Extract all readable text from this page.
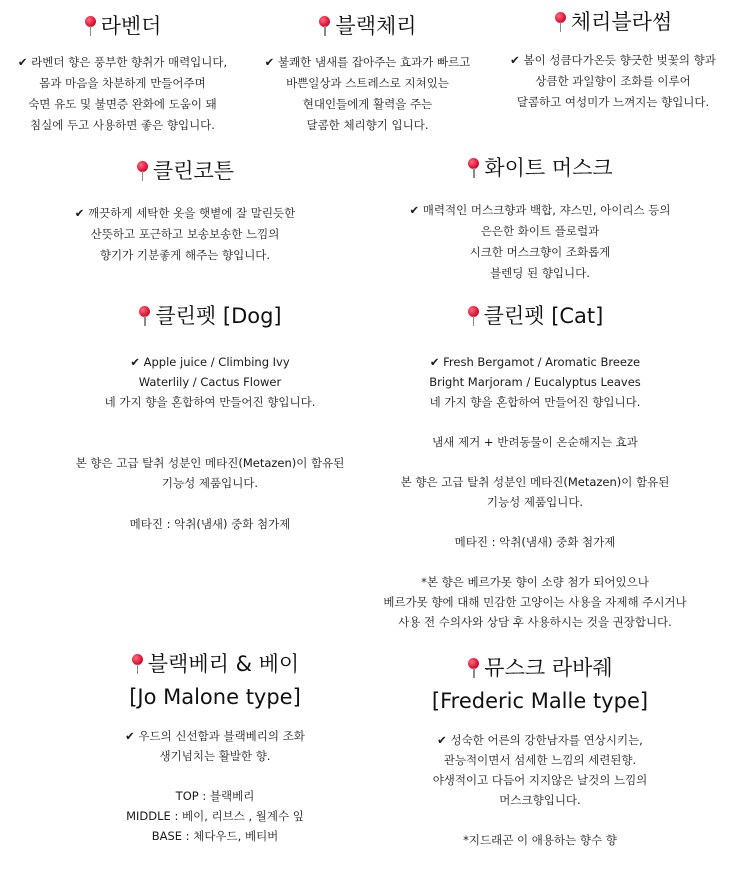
라벤더
✔ 라벤더 향은 풍부한 향취가 매력입니다,
몸과 마음을 차분하게 만들어주며
숙면 유도 및 불면증 완화에 도움이 돼
침실에 두고 사용하면 좋은 향입니다.
블랙체리
✔ 불쾌한 냄새를 잡아주는 효과가 빠르고
바쁜일상과 스트레스로 지쳐있는
현대인들에게 활력을 주는
달콤한 체리향기 입니다.
체리블라썸
✔ 봄이 성큼다가온듯 향긋한 벚꽃의 향과
상큼한 과일향이 조화를 이루어
달콤하고 여성미가 느껴지는 향입니다.
클린코튼
✔ 깨끗하게 세탁한 옷을 햇볕에 잘 말린듯한
산뜻하고 포근하고 보송보송한 느낌의
향기가 기분좋게 해주는 향입니다.
화이트 머스크
✔ 매력적인 머스크향과 백합, 쟈스민, 아이리스 등의
은은한 화이트 플로럴과
시크한 머스크향이 조화롭게
블렌딩 된 향입니다.
클린펫 [Dog]
✔ Apple juice / Climbing Ivy
Waterlily / Cactus Flower
네 가지 향을 혼합하여 만들어진 향입니다.
본 향은 고급 탈취 성분인 메타진(Metazen)이 함유된
기능성 제품입니다.
메타진 : 악취(냄새) 중화 첨가제
클린펫 [Cat]
✔ Fresh Bergamot / Aromatic Breeze
Bright Marjoram / Eucalyptus Leaves
네 가지 향을 혼합하여 만들어진 향입니다.
냄새 제거 + 반려동물이 온순해지는 효과
본 향은 고급 탈취 성분인 메타진(Metazen)이 함유된
기능성 제품입니다.
메타진 : 악취(냄새) 중화 첨가제
*본 향은 베르가못 향이 소량 첨가 되어있으나
베르가못 향에 대해 민감한 고양이는 사용을 자제해 주시거나
사용 전 수의사와 상담 후 사용하시는 것을 권장합니다.
블랙베리 & 베이
[Jo Malone type]
✔ 우드의 신선함과 블랙베리의 조화
생기넘치는 활발한 향.
TOP : 블랙베리
MIDDLE : 베이, 리브스 , 월계수 잎
BASE : 체다우드, 베티버
뮤스크 라바줴
[Frederic Malle type]
✔ 성숙한 어른의 강한남자를 연상시키는,
관능적이면서 섬세한 느낌의 세련된향.
야생적이고 다듬어 지지않은 날것의 느낌의
머스크향입니다.
*지드래곤 이 애용하는 향수 향
